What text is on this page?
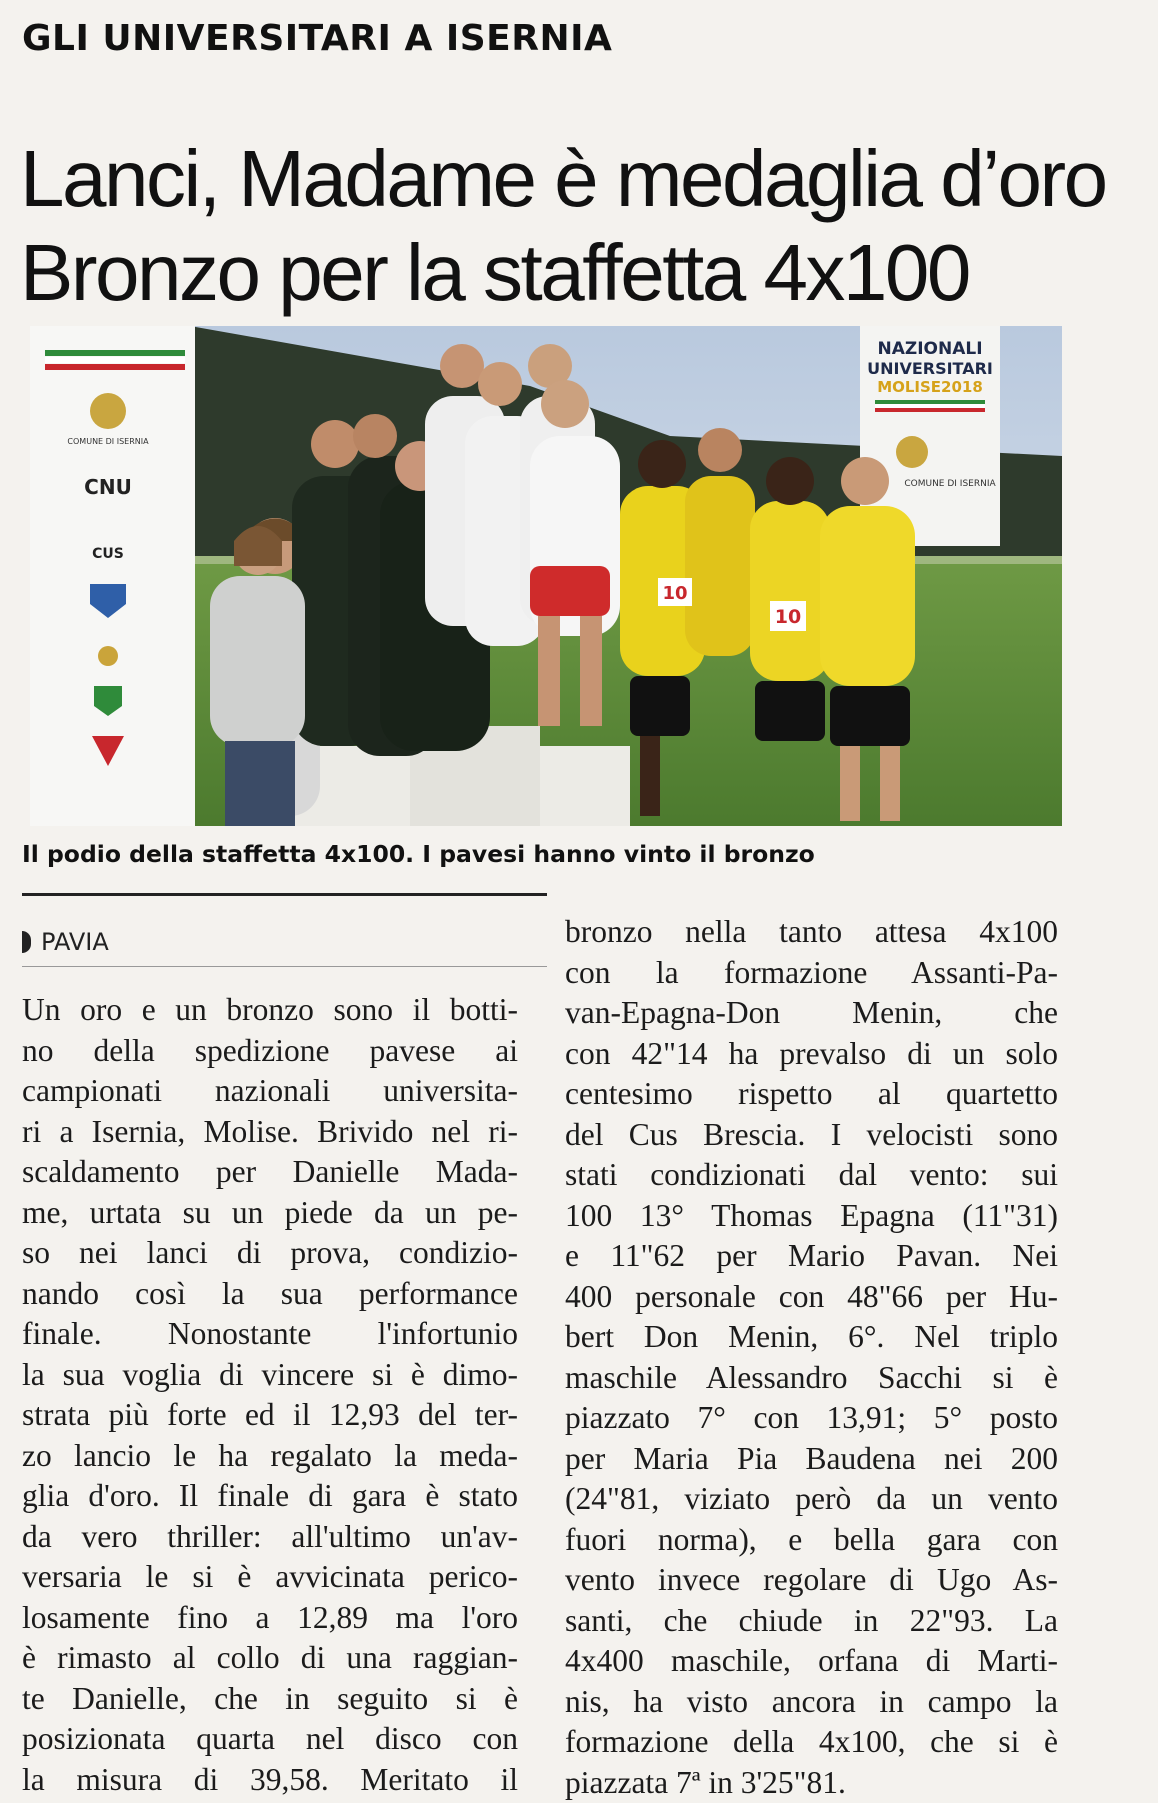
GLI UNIVERSITARI A ISERNIA
Lanci, Madame è medaglia d’oro
Bronzo per la staffetta 4x100
COMUNE DI ISERNIA
CNU
CUS
NAZIONALI
UNIVERSITARI
MOLISE2018
COMUNE DI ISERNIA
10
10
Il podio della staffetta 4x100. I pavesi hanno vinto il bronzo
PAVIA
Un oro e un bronzo sono il botti-
no della spedizione pavese ai
campionati nazionali universita-
ri a Isernia, Molise. Brivido nel ri-
scaldamento per Danielle Mada-
me, urtata su un piede da un pe-
so nei lanci di prova, condizio-
nando così la sua performance
finale. Nonostante l'infortunio
la sua voglia di vincere si è dimo-
strata più forte ed il 12,93 del ter-
zo lancio le ha regalato la meda-
glia d'oro. Il finale di gara è stato
da vero thriller: all'ultimo un'av-
versaria le si è avvicinata perico-
losamente fino a 12,89 ma l'oro
è rimasto al collo di una raggian-
te Danielle, che in seguito si è
posizionata quarta nel disco con
la misura di 39,58. Meritato il
bronzo nella tanto attesa 4x100
con la formazione Assanti-Pa-
van-Epagna-Don Menin, che
con 42"14 ha prevalso di un solo
centesimo rispetto al quartetto
del Cus Brescia. I velocisti sono
stati condizionati dal vento: sui
100 13° Thomas Epagna (11"31)
e 11"62 per Mario Pavan. Nei
400 personale con 48"66 per Hu-
bert Don Menin, 6°. Nel triplo
maschile Alessandro Sacchi si è
piazzato 7° con 13,91; 5° posto
per Maria Pia Baudena nei 200
(24"81, viziato però da un vento
fuori norma), e bella gara con
vento invece regolare di Ugo As-
santi, che chiude in 22"93. La
4x400 maschile, orfana di Marti-
nis, ha visto ancora in campo la
formazione della 4x100, che si è
piazzata 7ª in 3'25"81.
